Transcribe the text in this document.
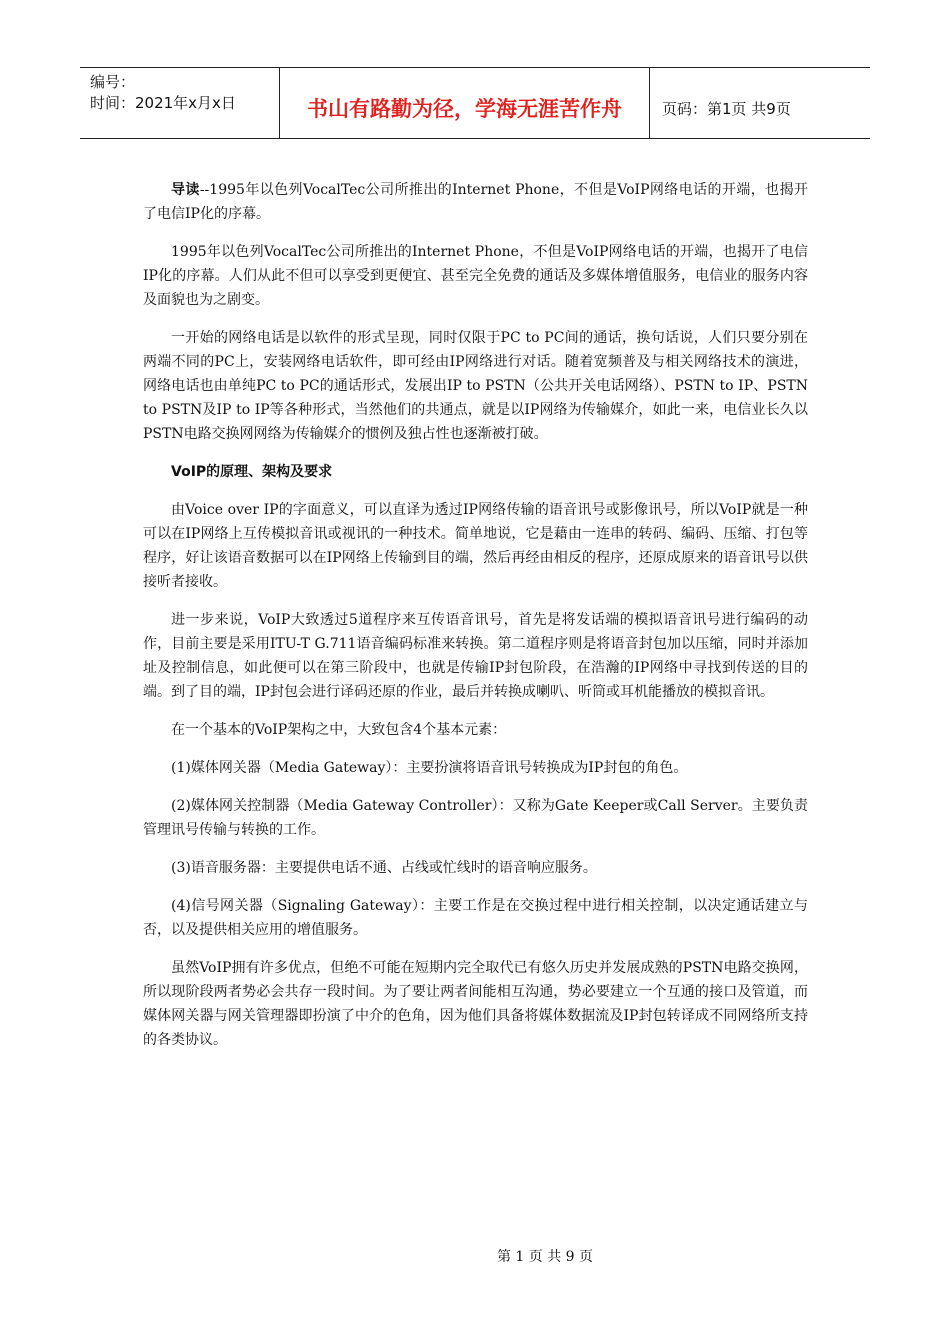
编号：
时间：2021年x月x日	书山有路勤为径，学海无涯苦作舟	页码：第1页 共9页

导读--1995年以色列VocalTec公司所推出的Internet Phone，不但是VoIP网络电话的开端，也揭开了电信IP化的序幕。

1995年以色列VocalTec公司所推出的Internet Phone，不但是VoIP网络电话的开端，也揭开了电信IP化的序幕。人们从此不但可以享受到更便宜、甚至完全免费的通话及多媒体增值服务，电信业的服务内容及面貌也为之剧变。

一开始的网络电话是以软件的形式呈现，同时仅限于PC to PC间的通话，换句话说，人们只要分别在两端不同的PC上，安装网络电话软件，即可经由IP网络进行对话。随着宽频普及与相关网络技术的演进，网络电话也由单纯PC to PC的通话形式，发展出IP to PSTN（公共开关电话网络）、PSTN to IP、PSTN to PSTN及IP to IP等各种形式，当然他们的共通点，就是以IP网络为传输媒介，如此一来，电信业长久以PSTN电路交换网网络为传输媒介的惯例及独占性也逐渐被打破。

VoIP的原理、架构及要求

由Voice over IP的字面意义，可以直译为透过IP网络传输的语音讯号或影像讯号，所以VoIP就是一种可以在IP网络上互传模拟音讯或视讯的一种技术。简单地说，它是藉由一连串的转码、编码、压缩、打包等程序，好让该语音数据可以在IP网络上传输到目的端，然后再经由相反的程序，还原成原来的语音讯号以供接听者接收。

进一步来说，VoIP大致透过5道程序来互传语音讯号，首先是将发话端的模拟语音讯号进行编码的动作，目前主要是采用ITU-T G.711语音编码标准来转换。第二道程序则是将语音封包加以压缩，同时并添加址及控制信息，如此便可以在第三阶段中，也就是传输IP封包阶段，在浩瀚的IP网络中寻找到传送的目的端。到了目的端，IP封包会进行译码还原的作业，最后并转换成喇叭、听筒或耳机能播放的模拟音讯。

在一个基本的VoIP架构之中，大致包含4个基本元素：

(1)媒体网关器（Media Gateway）：主要扮演将语音讯号转换成为IP封包的角色。

(2)媒体网关控制器（Media Gateway Controller）：又称为Gate Keeper或Call Server。主要负责管理讯号传输与转换的工作。

(3)语音服务器：主要提供电话不通、占线或忙线时的语音响应服务。

(4)信号网关器（Signaling Gateway）：主要工作是在交换过程中进行相关控制，以决定通话建立与否，以及提供相关应用的增值服务。

虽然VoIP拥有许多优点，但绝不可能在短期内完全取代已有悠久历史并发展成熟的PSTN电路交换网，所以现阶段两者势必会共存一段时间。为了要让两者间能相互沟通，势必要建立一个互通的接口及管道，而媒体网关器与网关管理器即扮演了中介的色角，因为他们具备将媒体数据流及IP封包转译成不同网络所支持的各类协议。

第 1 页 共 9 页
